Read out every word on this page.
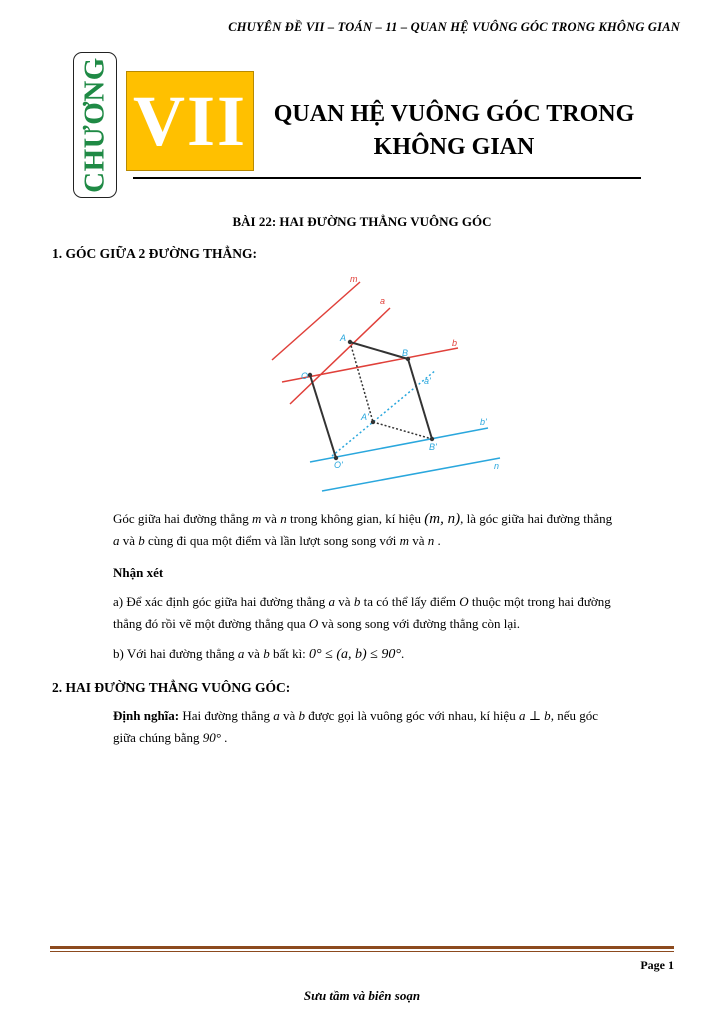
CHUYÊN ĐỀ VII – TOÁN – 11 – QUAN HỆ VUÔNG GÓC TRONG KHÔNG GIAN
CHƯƠNG VII	QUAN HỆ VUÔNG GÓC TRONG
KHÔNG GIAN
BÀI 22: HAI ĐƯỜNG THẲNG VUÔNG GÓC
1. GÓC GIỮA 2 ĐƯỜNG THẲNG:
m
a
b
a'
b'
n
A
B
O
A'
B'
O'
Góc giữa hai đường thẳng m và n trong không gian, kí hiệu (m, n), là góc giữa hai đường thẳng
a và b cùng đi qua một điểm và lần lượt song song với m và n .
Nhận xét
a) Để xác định góc giữa hai đường thẳng a và b ta có thể lấy điểm O thuộc một trong hai đường
thẳng đó rồi vẽ một đường thẳng qua O và song song với đường thẳng còn lại.
b) Với hai đường thẳng a và b bất kì: 0° ≤ (a, b) ≤ 90°.
2. HAI ĐƯỜNG THẲNG VUÔNG GÓC:
Định nghĩa: Hai đường thẳng a và b được gọi là vuông góc với nhau, kí hiệu a ⊥ b, nếu góc
giữa chúng bằng 90° .
Page 1
Sưu tầm và biên soạn
